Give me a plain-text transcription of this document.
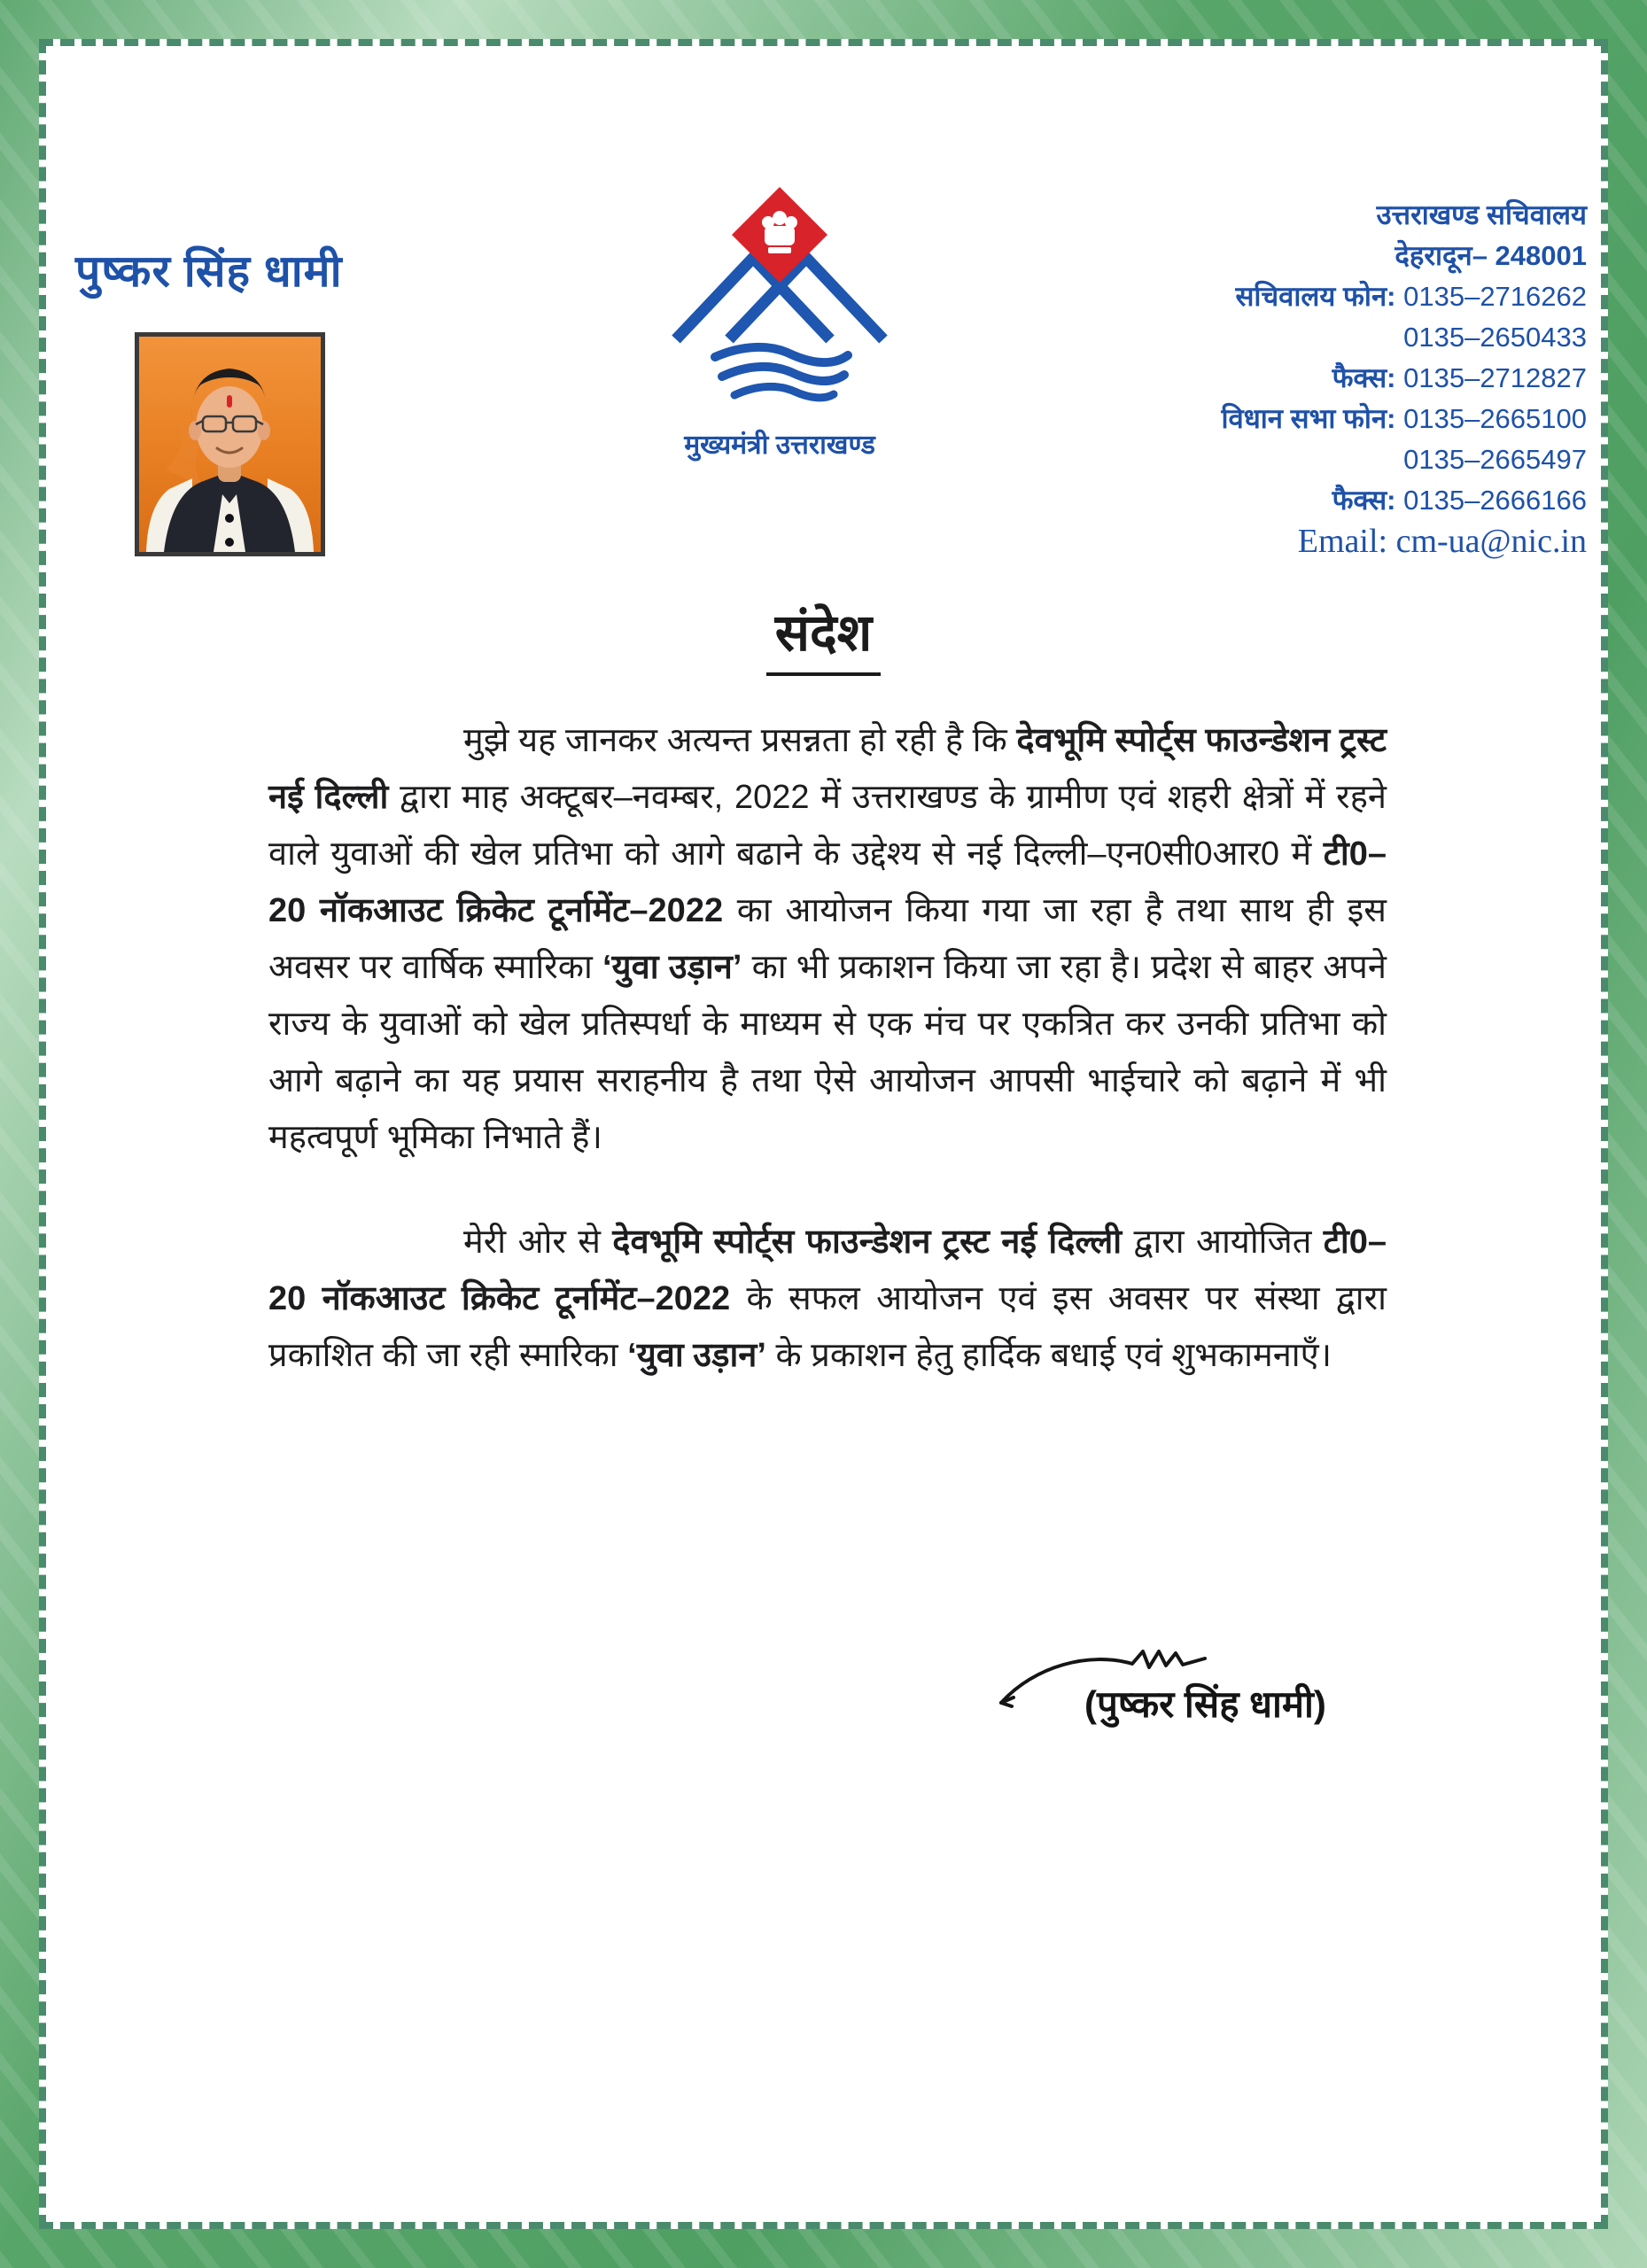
पुष्कर सिंह धामी
मुख्यमंत्री उत्तराखण्ड
उत्तराखण्ड सचिवालय
देहरादून– 248001
सचिवालय फोन: 0135–2716262
0135–2650433
फैक्स: 0135–2712827
विधान सभा फोन: 0135–2665100
0135–2665497
फैक्स: 0135–2666166
Email: cm-ua@nic.in
संदेश

मुझे यह जानकर अत्यन्त प्रसन्नता हो रही है कि देवभूमि स्पोर्ट्स फाउन्डेशन ट्रस्ट नई दिल्ली द्वारा माह अक्टूबर–नवम्बर, 2022 में उत्तराखण्ड के ग्रामीण एवं शहरी क्षेत्रों में रहने वाले युवाओं की खेल प्रतिभा को आगे बढाने के उद्देश्य से नई दिल्ली–एन0सी0आर0 में टी0–20 नॉकआउट क्रिकेट टूर्नामेंट–2022 का आयोजन किया गया जा रहा है तथा साथ ही इस अवसर पर वार्षिक स्मारिका ‘युवा उड़ान’ का भी प्रकाशन किया जा रहा है। प्रदेश से बाहर अपने राज्य के युवाओं को खेल प्रतिस्पर्धा के माध्यम से एक मंच पर एकत्रित कर उनकी प्रतिभा को आगे बढ़ाने का यह प्रयास सराहनीय है तथा ऐसे आयोजन आपसी भाईचारे को बढ़ाने में भी महत्वपूर्ण भूमिका निभाते हैं।

मेरी ओर से देवभूमि स्पोर्ट्स फाउन्डेशन ट्रस्ट नई दिल्ली द्वारा आयोजित टी0–20 नॉकआउट क्रिकेट टूर्नामेंट–2022 के सफल आयोजन एवं इस अवसर पर संस्था द्वारा प्रकाशित की जा रही स्मारिका ‘युवा उड़ान’ के प्रकाशन हेतु हार्दिक बधाई एवं शुभकामनाएँ।

(पुष्कर सिंह धामी)
